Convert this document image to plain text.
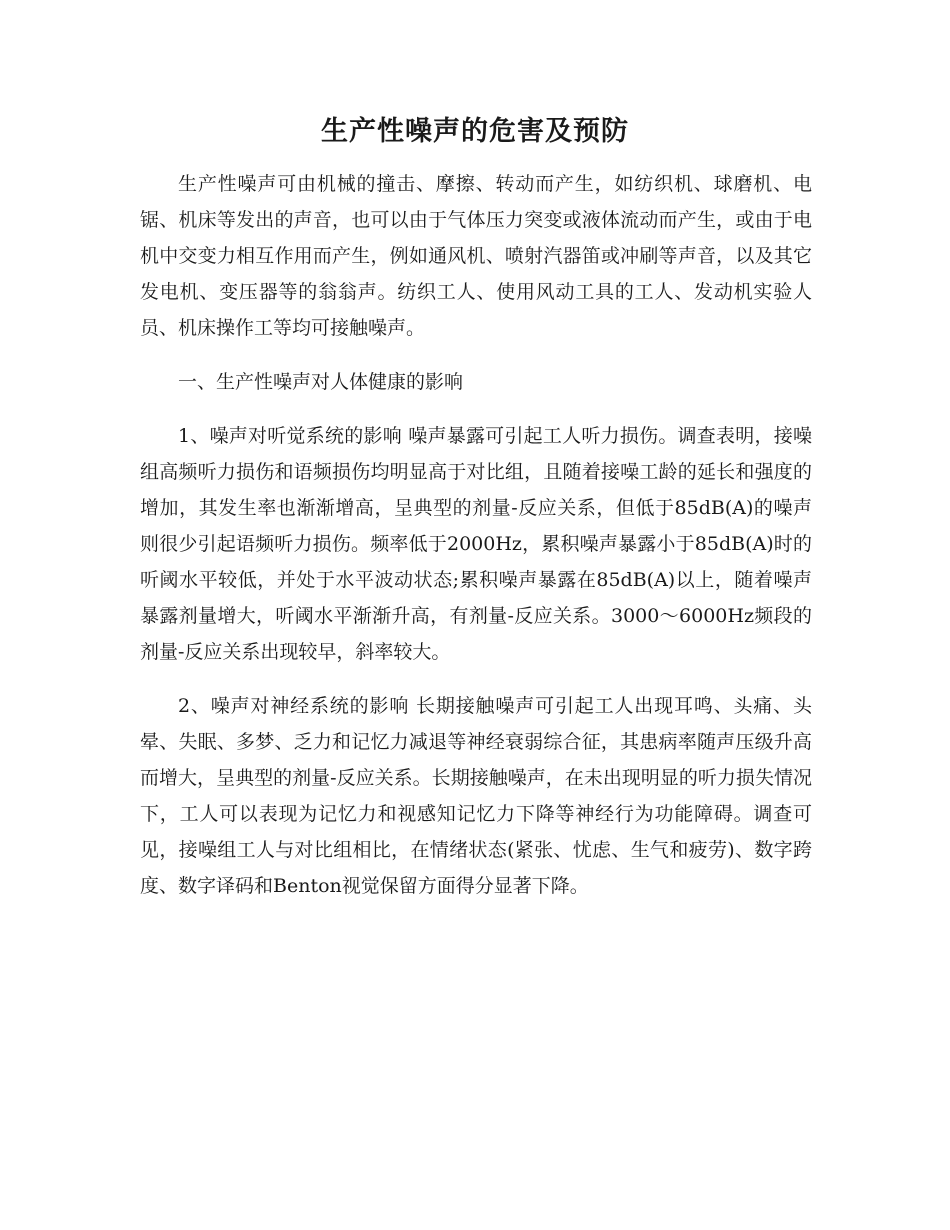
生产性噪声的危害及预防

生产性噪声可由机械的撞击、摩擦、转动而产生，如纺织机、球磨机、电锯、机床等发出的声音，也可以由于气体压力突变或液体流动而产生，或由于电机中交变力相互作用而产生，例如通风机、喷射汽器笛或冲刷等声音，以及其它发电机、变压器等的翁翁声。纺织工人、使用风动工具的工人、发动机实验人员、机床操作工等均可接触噪声。

一、生产性噪声对人体健康的影响

1、噪声对听觉系统的影响 噪声暴露可引起工人听力损伤。调查表明，接噪组高频听力损伤和语频损伤均明显高于对比组，且随着接噪工龄的延长和强度的增加，其发生率也渐渐增高，呈典型的剂量-反应关系，但低于85dB(A)的噪声则很少引起语频听力损伤。频率低于2000Hz，累积噪声暴露小于85dB(A)时的听阈水平较低，并处于水平波动状态;累积噪声暴露在85dB(A)以上，随着噪声暴露剂量增大，听阈水平渐渐升高，有剂量-反应关系。3000～6000Hz频段的剂量-反应关系出现较早，斜率较大。

2、噪声对神经系统的影响 长期接触噪声可引起工人出现耳鸣、头痛、头晕、失眠、多梦、乏力和记忆力减退等神经衰弱综合征，其患病率随声压级升高而增大，呈典型的剂量-反应关系。长期接触噪声，在未出现明显的听力损失情况下，工人可以表现为记忆力和视感知记忆力下降等神经行为功能障碍。调查可见，接噪组工人与对比组相比，在情绪状态(紧张、忧虑、生气和疲劳)、数字跨度、数字译码和Benton视觉保留方面得分显著下降。
